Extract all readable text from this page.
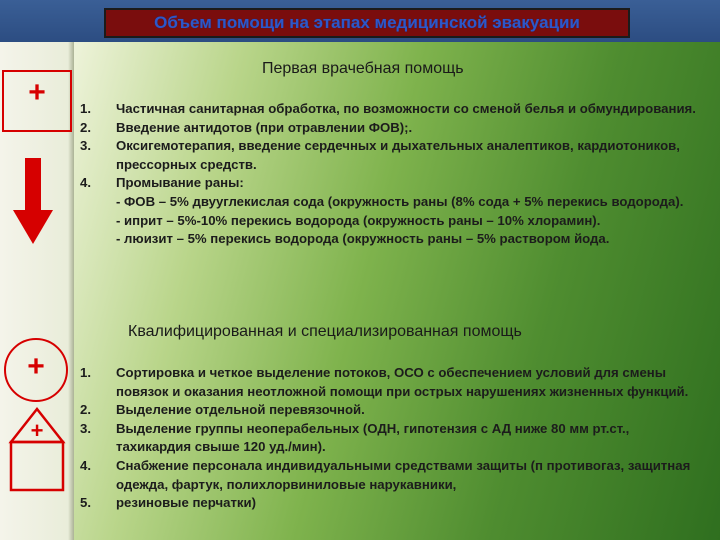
Объем помощи на этапах медицинской эвакуации
+
+
+
Первая врачебная помощь
1.	Частичная санитарная обработка, по возможности со сменой белья и обмундирования.
2.	Введение антидотов (при отравлении ФОВ);.
3.	Оксигемотерапия, введение сердечных и дыхательных аналептиков, кардиотоников, прессорных средств.
4.	Промывание раны:
- ФОВ – 5% двууглекислая сода (окружность раны (8% сода + 5% перекись водорода).
- иприт – 5%-10% перекись водорода (окружность раны – 10% хлорамин).
- люизит – 5% перекись водорода (окружность раны – 5% раствором йода.
Квалифицированная и специализированная помощь
1.	Сортировка и четкое выделение потоков, ОСО с обеспечением условий для смены повязок и оказания неотложной помощи при острых нарушениях жизненных функций.
2.	Выделение отдельной перевязочной.
3.	Выделение группы неоперабельных (ОДН, гипотензия с АД ниже 80 мм рт.ст., тахикардия свыше 120 уд./мин).
4.	Снабжение персонала индивидуальными средствами защиты (п противогаз, защитная одежда, фартук, полихлорвиниловые нарукавники,
5.	резиновые перчатки)
